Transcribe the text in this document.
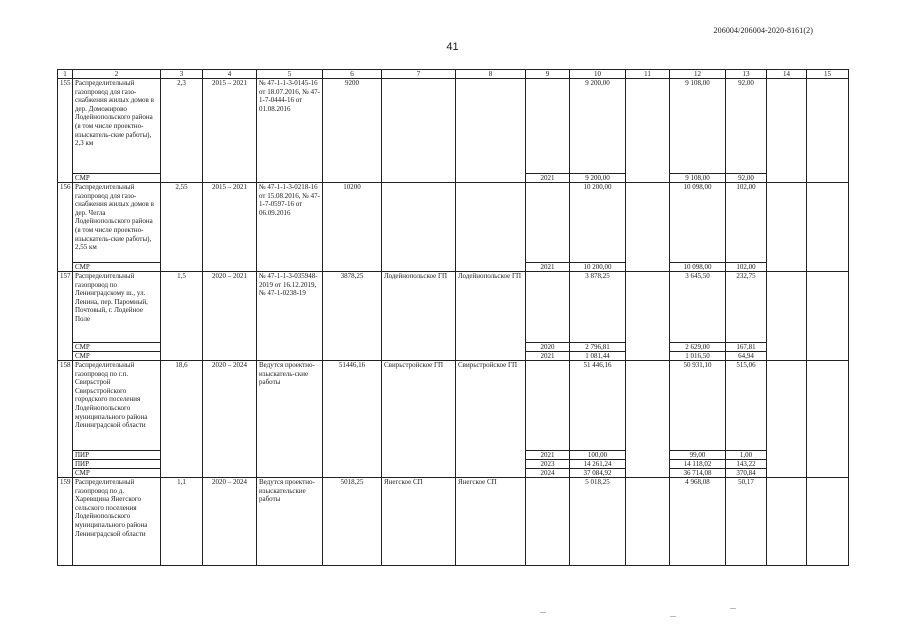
206004/206004-2020-8161(2)
41
1	2	3	4	5	6	7	8	9	10	11	12	13	14	15
155	Распределительный газопровод для газо-снабжения жилых домов в дер. Доможирово Лодейнопольского района (в том числе проектно-изыскатель-ские работы), 2,3 км	2,3	2015 – 2021	№ 47-1-1-3-0145-16 от 18.07.2016, № 47-1-7-0444-16 от 01.08.2016	9200				9 200,00		9 108,00	92,00		
	СМР							2021	9 200,00		9 108,00	92,00		
156	Распределительный газопровод для газо-снабжения жилых домов в дер. Чегла Лодейнопольского района (в том числе проектно-изыскатель-ские работы), 2,55 км	2,55	2015 – 2021	№ 47-1-1-3-0218-16 от 15.08.2016, № 47-1-7-0597-16 от 06.09.2016	10200				10 200,00		10 098,00	102,00		
	СМР							2021	10 200,00		10 098,00	102,00		
157	Распределительный газопровод по Ленинградскому ш., ул. Ленина, пер. Паромный, Почтовый, г. Лодейное Поле	1,5	2020 – 2021	№ 47-1-1-3-035948-2019 от 16.12.2019, № 47-1-0238-19	3878,25	Лодейнопольское ГП	Лодейнопольское ГП		3 878,25		3 645,50	232,75		
	СМР							2020	2 796,81		2 629,00	167,81		
	СМР							2021	1 081,44		1 016,50	64,94		
158	Распределительный газопровод по г.п. Свирьстрой Свирьстройского городского поселения Лодейнопольского муниципального района Ленинградской области	18,6	2020 – 2024	Ведутся проектно-изыскатель-ские работы	51446,16	Свирьстройское ГП	Свирьстройское ГП		51 446,16		50 931,10	515,06		
	ПИР							2021	100,00		99,00	1,00		
	ПИР							2023	14 261,24		14 118,02	143,22		
	СМР							2024	37 084,92		36 714,08	370,84		
159	Распределительный газопровод по д. Харевщина Янегского сельского поселения Лодейнопольского муниципального района Ленинградской области	1,1	2020 – 2024	Ведутся проектно-изыскательские работы	5018,25	Янегское СП	Янегское СП		5 018,25		4 968,08	50,17		
